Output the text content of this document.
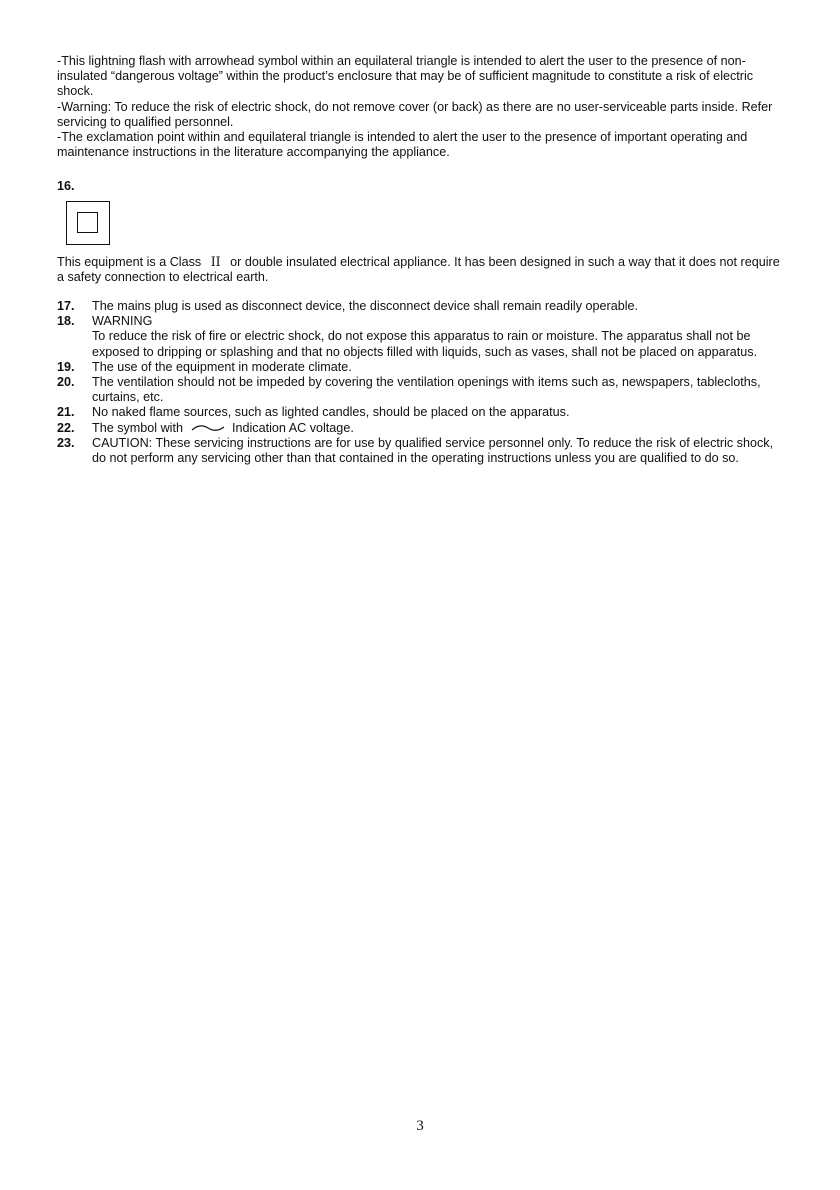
-This lightning flash with arrowhead symbol within an equilateral triangle is intended to alert the user to the presence of non-insulated “dangerous voltage” within the product’s enclosure that may be of sufficient magnitude to constitute a risk of electric shock.

-Warning: To reduce the risk of electric shock, do not remove cover (or back) as there are no user-serviceable parts inside. Refer servicing to qualified personnel.

-The exclamation point within and equilateral triangle is intended to alert the user to the presence of important operating and maintenance instructions in the literature accompanying the appliance.

16.

This equipment is a Class II or double insulated electrical appliance. It has been designed in such a way that it does not require a safety connection to electrical earth.

17.	The mains plug is used as disconnect device, the disconnect device shall remain readily operable.
18.	WARNING
To reduce the risk of fire or electric shock, do not expose this apparatus to rain or moisture. The apparatus shall not be exposed to dripping or splashing and that no objects filled with liquids, such as vases, shall not be placed on apparatus.
19.	The use of the equipment in moderate climate.
20.	The ventilation should not be impeded by covering the ventilation openings with items such as, newspapers, tablecloths, curtains, etc.
21.	No naked flame sources, such as lighted candles, should be placed on the apparatus.
22.	The symbol with	Indication AC voltage.
23.	CAUTION: These servicing instructions are for use by qualified service personnel only. To reduce the risk of electric shock, do not perform any servicing other than that contained in the operating instructions unless you are qualified to do so.
3
